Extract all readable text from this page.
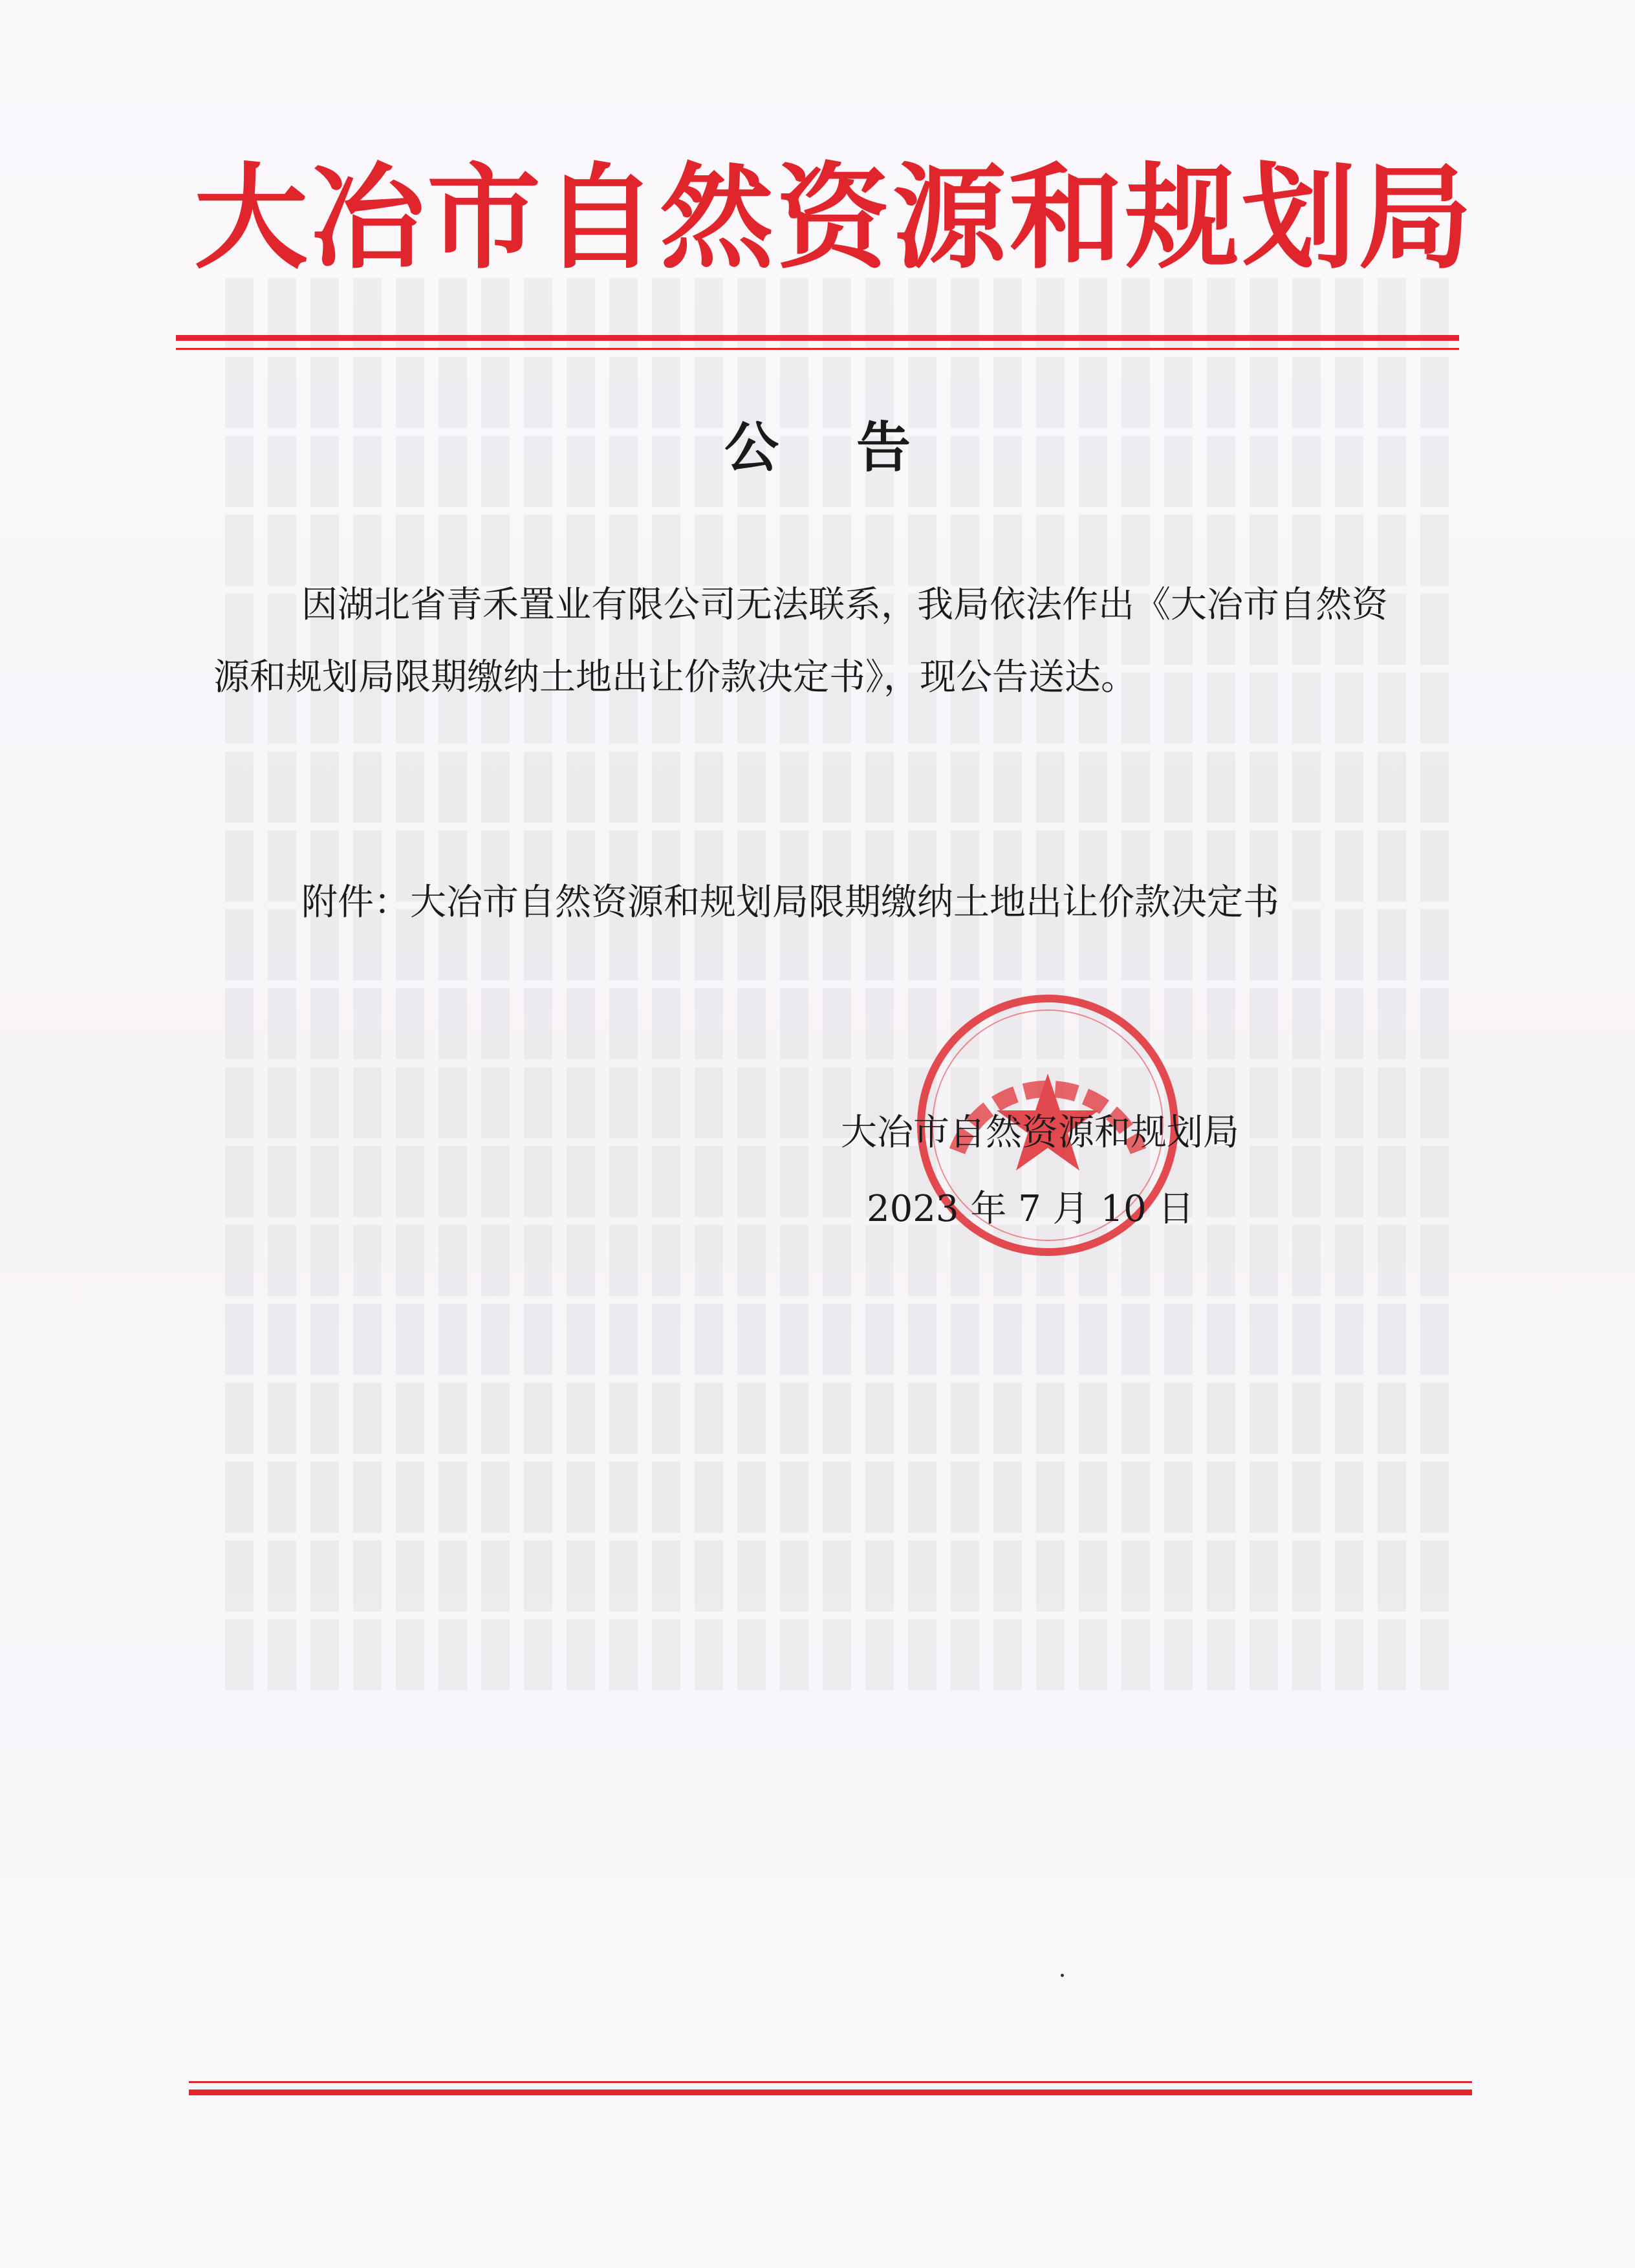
大冶市自然资源和规划局
公告
因湖北省青禾置业有限公司无法联系，我局依法作出《大冶市自然资源和规划局限期缴纳土地出让价款决定书》，现公告送达。
附件：大冶市自然资源和规划局限期缴纳土地出让价款决定书
大冶市自然资源和规划局
2023 年 7 月 10 日
